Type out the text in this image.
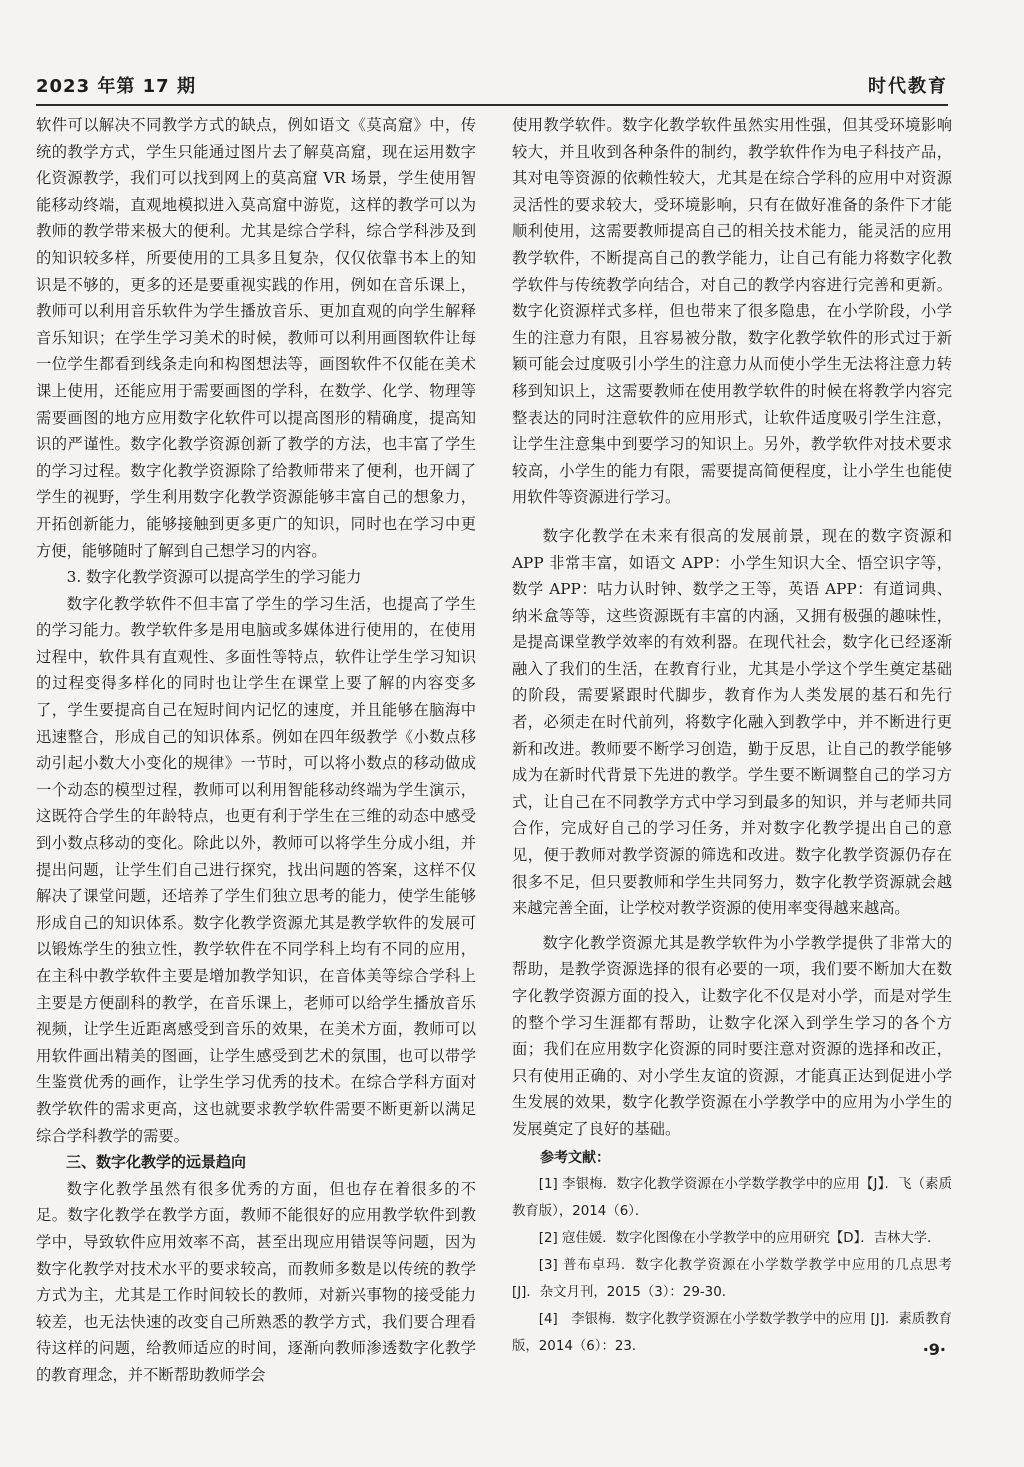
2023 年第 17 期	时代教育

软件可以解决不同教学方式的缺点，例如语文《莫高窟》中，传统的教学方式，学生只能通过图片去了解莫高窟，现在运用数字化资源教学，我们可以找到网上的莫高窟 VR 场景，学生使用智能移动终端，直观地模拟进入莫高窟中游览，这样的教学可以为教师的教学带来极大的便利。尤其是综合学科，综合学科涉及到的知识较多样，所要使用的工具多且复杂，仅仅依靠书本上的知识是不够的，更多的还是要重视实践的作用，例如在音乐课上，教师可以利用音乐软件为学生播放音乐、更加直观的向学生解释音乐知识；在学生学习美术的时候，教师可以利用画图软件让每一位学生都看到线条走向和构图想法等，画图软件不仅能在美术课上使用，还能应用于需要画图的学科，在数学、化学、物理等需要画图的地方应用数字化软件可以提高图形的精确度，提高知识的严谨性。数字化教学资源创新了教学的方法，也丰富了学生的学习过程。数字化教学资源除了给教师带来了便利，也开阔了学生的视野，学生利用数字化教学资源能够丰富自己的想象力，开拓创新能力，能够接触到更多更广的知识，同时也在学习中更方便，能够随时了解到自己想学习的内容。

3. 数字化教学资源可以提高学生的学习能力

数字化教学软件不但丰富了学生的学习生活，也提高了学生的学习能力。教学软件多是用电脑或多媒体进行使用的，在使用过程中，软件具有直观性、多面性等特点，软件让学生学习知识的过程变得多样化的同时也让学生在课堂上要了解的内容变多了，学生要提高自己在短时间内记忆的速度，并且能够在脑海中迅速整合，形成自己的知识体系。例如在四年级教学《小数点移动引起小数大小变化的规律》一节时，可以将小数点的移动做成一个动态的模型过程，教师可以利用智能移动终端为学生演示，这既符合学生的年龄特点，也更有利于学生在三维的动态中感受到小数点移动的变化。除此以外，教师可以将学生分成小组，并提出问题，让学生们自己进行探究，找出问题的答案，这样不仅解决了课堂问题，还培养了学生们独立思考的能力，使学生能够形成自己的知识体系。数字化教学资源尤其是教学软件的发展可以锻炼学生的独立性，教学软件在不同学科上均有不同的应用，在主科中教学软件主要是增加教学知识，在音体美等综合学科上主要是方便副科的教学，在音乐课上，老师可以给学生播放音乐视频，让学生近距离感受到音乐的效果，在美术方面，教师可以用软件画出精美的图画，让学生感受到艺术的氛围，也可以带学生鉴赏优秀的画作，让学生学习优秀的技术。在综合学科方面对教学软件的需求更高，这也就要求教学软件需要不断更新以满足综合学科教学的需要。

三、数字化教学的远景趋向

数字化教学虽然有很多优秀的方面，但也存在着很多的不足。数字化教学在教学方面，教师不能很好的应用教学软件到教学中，导致软件应用效率不高，甚至出现应用错误等问题，因为数字化教学对技术水平的要求较高，而教师多数是以传统的教学方式为主，尤其是工作时间较长的教师，对新兴事物的接受能力较差，也无法快速的改变自己所熟悉的教学方式，我们要合理看待这样的问题，给教师适应的时间，逐渐向教师渗透数字化教学的教育理念，并不断帮助教师学会

使用教学软件。数字化教学软件虽然实用性强，但其受环境影响较大，并且收到各种条件的制约，教学软件作为电子科技产品，其对电等资源的依赖性较大，尤其是在综合学科的应用中对资源灵活性的要求较大，受环境影响，只有在做好准备的条件下才能顺利使用，这需要教师提高自己的相关技术能力，能灵活的应用教学软件，不断提高自己的教学能力，让自己有能力将数字化教学软件与传统教学向结合，对自己的教学内容进行完善和更新。数字化资源样式多样，但也带来了很多隐患，在小学阶段，小学生的注意力有限，且容易被分散，数字化教学软件的形式过于新颖可能会过度吸引小学生的注意力从而使小学生无法将注意力转移到知识上，这需要教师在使用教学软件的时候在将教学内容完整表达的同时注意软件的应用形式，让软件适度吸引学生注意，让学生注意集中到要学习的知识上。另外，教学软件对技术要求较高，小学生的能力有限，需要提高简便程度，让小学生也能使用软件等资源进行学习。

数字化教学在未来有很高的发展前景，现在的数字资源和 APP 非常丰富，如语文 APP：小学生知识大全、悟空识字等，数学 APP：咕力认时钟、数学之王等，英语 APP：有道词典、纳米盒等等，这些资源既有丰富的内涵，又拥有极强的趣味性，是提高课堂教学效率的有效利器。在现代社会，数字化已经逐渐融入了我们的生活，在教育行业，尤其是小学这个学生奠定基础的阶段，需要紧跟时代脚步，教育作为人类发展的基石和先行者，必须走在时代前列，将数字化融入到教学中，并不断进行更新和改进。教师要不断学习创造，勤于反思，让自己的教学能够成为在新时代背景下先进的教学。学生要不断调整自己的学习方式，让自己在不同教学方式中学习到最多的知识，并与老师共同合作，完成好自己的学习任务，并对数字化教学提出自己的意见，便于教师对教学资源的筛选和改进。数字化教学资源仍存在很多不足，但只要教师和学生共同努力，数字化教学资源就会越来越完善全面，让学校对教学资源的使用率变得越来越高。

数字化教学资源尤其是教学软件为小学教学提供了非常大的帮助，是教学资源选择的很有必要的一项，我们要不断加大在数字化教学资源方面的投入，让数字化不仅是对小学，而是对学生的整个学习生涯都有帮助，让数字化深入到学生学习的各个方面；我们在应用数字化资源的同时要注意对资源的选择和改正，只有使用正确的、对小学生友谊的资源，才能真正达到促进小学生发展的效果，数字化教学资源在小学教学中的应用为小学生的发展奠定了良好的基础。

参考文献：

[1] 李银梅．数字化教学资源在小学数学教学中的应用【J】．飞（素质教育版），2014（6）．

[2] 寇佳媛．数字化图像在小学教学中的应用研究【D】．吉林大学．

[3] 普布卓玛．数字化教学资源在小学数学教学中应用的几点思考 [J]．杂文月刊，2015（3）：29-30．

[4]　李银梅．数字化教学资源在小学数学教学中的应用 [J]．素质教育版，2014（6）：23．	·9·
